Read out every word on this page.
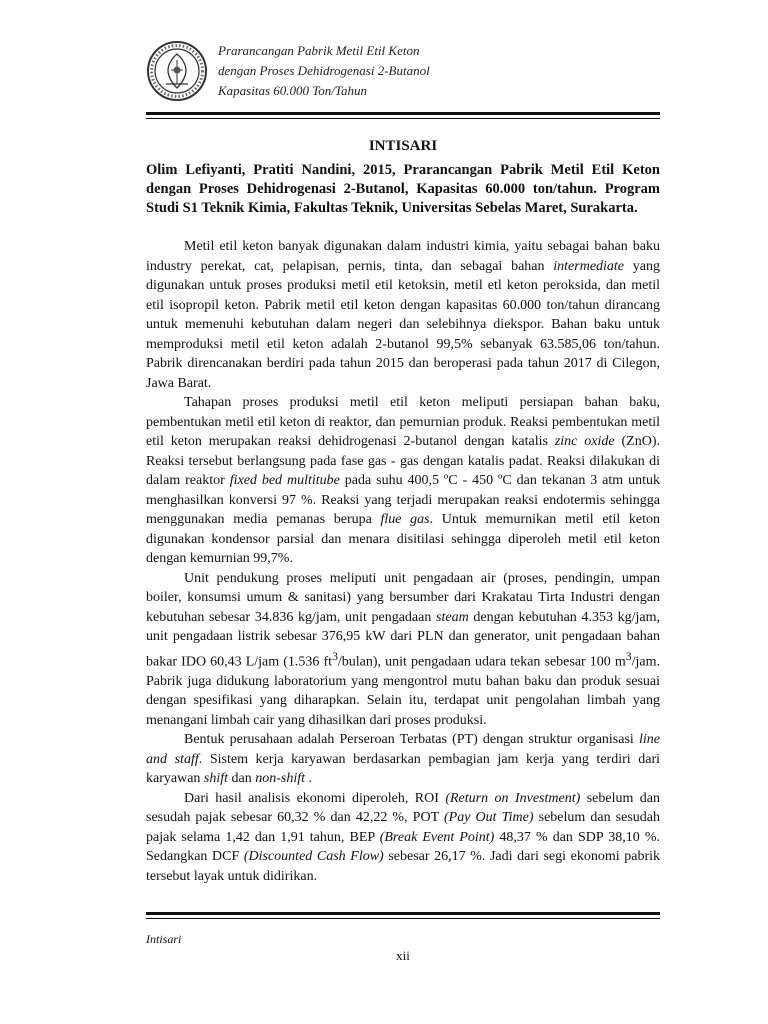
Prarancangan Pabrik Metil Etil Keton
dengan Proses Dehidrogenasi 2-Butanol
Kapasitas 60.000 Ton/Tahun
INTISARI
Olim Lefiyanti, Pratiti Nandini, 2015, Prarancangan Pabrik Metil Etil Keton dengan Proses Dehidrogenasi 2-Butanol, Kapasitas 60.000 ton/tahun. Program Studi S1 Teknik Kimia, Fakultas Teknik, Universitas Sebelas Maret, Surakarta.

Metil etil keton banyak digunakan dalam industri kimia, yaitu sebagai bahan baku industry perekat, cat, pelapisan, pernis, tinta, dan sebagai bahan intermediate yang digunakan untuk proses produksi metil etil ketoksin, metil etl keton peroksida, dan metil etil isopropil keton. Pabrik metil etil keton dengan kapasitas 60.000 ton/tahun dirancang untuk memenuhi kebutuhan dalam negeri dan selebihnya diekspor. Bahan baku untuk memproduksi metil etil keton adalah 2-butanol 99,5% sebanyak 63.585,06 ton/tahun. Pabrik direncanakan berdiri pada tahun 2015 dan beroperasi pada tahun 2017 di Cilegon, Jawa Barat.

Tahapan proses produksi metil etil keton meliputi persiapan bahan baku, pembentukan metil etil keton di reaktor, dan pemurnian produk. Reaksi pembentukan metil etil keton merupakan reaksi dehidrogenasi 2-butanol dengan katalis zinc oxide (ZnO). Reaksi tersebut berlangsung pada fase gas - gas dengan katalis padat. Reaksi dilakukan di dalam reaktor fixed bed multitube pada suhu 400,5 ºC - 450 ºC dan tekanan 3 atm untuk menghasilkan konversi 97 %. Reaksi yang terjadi merupakan reaksi endotermis sehingga menggunakan media pemanas berupa flue gas. Untuk memurnikan metil etil keton digunakan kondensor parsial dan menara disitilasi sehingga diperoleh metil etil keton dengan kemurnian 99,7%.

Unit pendukung proses meliputi unit pengadaan air (proses, pendingin, umpan boiler, konsumsi umum & sanitasi) yang bersumber dari Krakatau Tirta Industri dengan kebutuhan sebesar 34.836 kg/jam, unit pengadaan steam dengan kebutuhan 4.353 kg/jam, unit pengadaan listrik sebesar 376,95 kW dari PLN dan generator, unit pengadaan bahan bakar IDO 60,43 L/jam (1.536 $ft^3/bulan$), unit pengadaan udara tekan sebesar 100 $m^3$/jam. Pabrik juga didukung laboratorium yang mengontrol mutu bahan baku dan produk sesuai dengan spesifikasi yang diharapkan. Selain itu, terdapat unit pengolahan limbah yang menangani limbah cair yang dihasilkan dari proses produksi.

Bentuk perusahaan adalah Perseroan Terbatas (PT) dengan struktur organisasi line and staff. Sistem kerja karyawan berdasarkan pembagian jam kerja yang terdiri dari karyawan shift dan non-shift .

Dari hasil analisis ekonomi diperoleh, ROI (Return on Investment) sebelum dan sesudah pajak sebesar 60,32 % dan 42,22 %, POT (Pay Out Time) sebelum dan sesudah pajak selama 1,42 dan 1,91 tahun, BEP (Break Event Point) 48,37 % dan SDP 38,10 %. Sedangkan DCF (Discounted Cash Flow) sebesar 26,17 %. Jadi dari segi ekonomi pabrik tersebut layak untuk didirikan.

Intisari
xii
